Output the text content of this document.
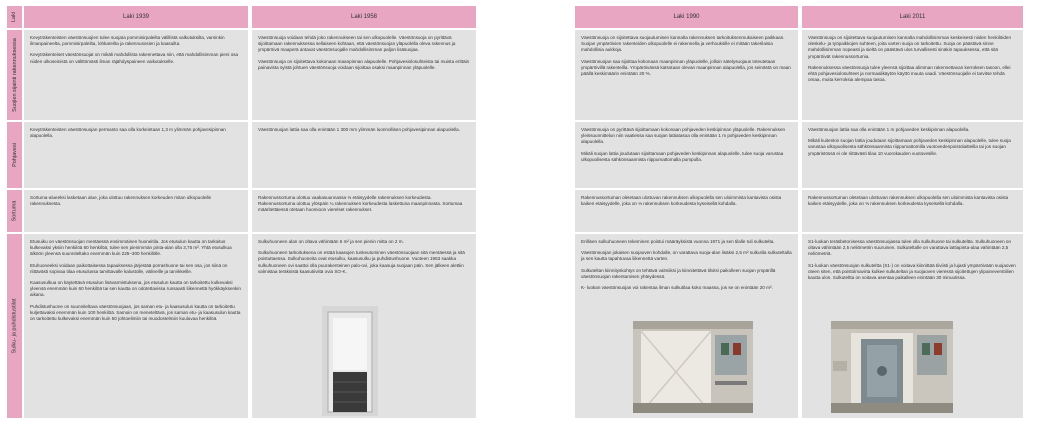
Laki
Suojien sijainti rakennuksessa
Pohjavesi
Sortuma
Sulku- ja puhdistustilat
Laki 1939

Kevyträkenteisten väestönsuojien tulee suojata pommisirpaleilta välillistä valkutuksilta, varsinkin ilmanpaineelta, pommisirpaleilta, lohkareilta ja rakennusosien ja kaasuilta.

Kevyträkenteiset väestönsuojat on mikäli mahdollista rakennettava niin, että mahdollisimman pieni osa niiden ulkoseinistä on välittömästi ilman räjähdyspaineen vaikutukselle.

Kevyträkenteisten väestönsuojan permanto saa olla korkeintaan 1,3 m ylimmän pohjavesipinnan alapuolella.

Sortuma-alueeksi lasketaan alue, joka ulottuu rakennuksen korkeuden mitan ulkopuolelle rakennuksesta.

Etusuiku on väestönsuojan mentäessä ensimmäinen huoneitila. Jos etusulun kautta on tarkoitus kulkevaksi yksiin henkilöä 60 henkilöä, tulee sen pienimmän pinta-alan olla 3,75 m². Yhtä etusulkua älköön yleensä suunniteltako enemmän kuin 225–300 henkilölle.

Etuhuoneeksi voidaan paikottaisessa tapauksessa järjestää porrashuone tai sen osa, jos siinä on riittävästi sopivaa tilaa etusulussa tarvittavalle kalustolle, välineille ja tarvikkeille.

Kaasusulkua on käytettävä etusulun lisävarmistuksena, jos etusulun kautta on tarkoitettu kulkevaksi yleensä enemmän kuin 60 henkilöä tai sen kautta on odotettavissa runsaasti liikennettä hyökkäyksenkin aikana.

Puhdistushuone on suunniteltava väestönsuojaan, jos saman etu- ja kaasusulun kautta on tarkoitettu kuljettavaksi enemmän kuin 100 henkilöä. Samoin on meneteltävä, jos saman etu- ja kaasusulun kautta on tarkoitettu kulkevaksi enemmän kuin 50 johtoelimiin tai muodostelmiin kuuluvaa henkilöä.

Laki 1958

Väestönsuoja voidaan tehdä joko rakennukseen tai sen ulkopuolelle. Väestönsuoja on pyrittävä sijoittamaan rakennuksessa sellaiseen kohtaan, että väestönsuojan yläpuolella oleva rakennus ja ympäröivä maaperä antavat väestönsuojalle mahdollisimman paljon lisäsuojaa.

Väestönsuoja on sijoitettava kokonaan maanpinnan alapuolelle. Pohjavesiolosuhteista tai muista erittäin painavista syistä johtuen väestönsuoja voidaan sijoittaa osaksi maanpinnan yläpuolelle.

Väestönsuojan lattia saa olla enintään 1 300 mm ylimmän luonnollisen pohjavesipinnan alapuolella.

Rakennussortuma ulottuu vaakasuunnassa ⅓ etäisyydelle rakennuksen korkeudesta. Rakennussortuma ulottuu ylöspäin ¼ rakennuksen korkeudesta laskettuna maanpinnasta. Sortumaa määritettäessä otetaan huomioon vierelset rakennukset.

Sulkuhuoneen alan on oltava vähintään 5 m² ja sen pienin mitta on 2 m.

Sulkuhuoneen tarkoituksena on estää kaasujen tunkeutuminen väestönsuojaan sitä mentäessä ja sitä poistuttaessa. Sulkuhuoneita ovat etusulku, kaasusulku ja puhdistushuone. Vuoteen 1963 saakka sulkuhuoneen ovi saattoi olla puurakenteinen palo-ovi, joka kaasuja suojaan päin. Sen jälkeen alettiin valmistaa teräksistä kaasutiiviitä ovia SO-K.

Laki 1990

Väestönsuoja on sijoitettava suojautumisen kannalta rakennuksen tarkoituksenmukaiseen paikkaan. Suojan ympäröivien rakenteiden ulkopuolelle ei rakennella ja verhouksille ei mitään takerilaisia mahdollisia aukkoja.

Väestönsuojan saa sijoittaa kokonaan maanpinnan yläpuolelle, jolloin sätelysuojaus toteutetaan ympäröivillä rakenteilla. Ympäröivässä katsotaan olevan maanpinnan alapuolella, jos seinästä on maan päällä keskimäärin enintään 20 %.

Väestönsuoja on pyrittävä sijoittamaan kokonaan pohjaveden keskipinnan yläpuolelle. Rakennuksen yleissuunnittelun niin vaatiessa saa suojan lattiatasoa olla enintään 1 m pohjaveden keskipinnan alapuolella.

Mikäli suojan lattia joudutaan sijoittamaan pohjaveden keskipinnan alapuolelle, tulee suoja varustaa ulkopuolisesta sähkönsaannista riippumattomalla pumpulla.

Rakennussortuman oletetaan ulottuvan rakennuksen ulkopuolella sen uloimmista kantavista osista kaiken etäisyydelle, joka on ⅓ rakennuksen korkeudesta kyseisellä kohdalla.

Erillisen sulkuhuoneen tekeminen poistui määräyksistä vuonna 1971 ja sen tilalle tuli sulkutelta.

Väestönsuojan jokaisen suojaoven kohdalle, on varattava suoja-alan lisäksi 2,5 m² sulkutila sulkuteltalla ja sen kautta tapahtuvaa liikennettä varten.

Sulkuteltan kiinnityskohtys on tehtävä valmiiksi ja kiinnitettävä tilvitsi paikolleen suojan ympärillä väestönsuojan rakentamisen yhteydessä.

K- luokan väestönsuojan voi rakentaa ilman sulkutilaa koko maassa, jos se on enintään 20 m².

Laki 2011

Väestönsuoja on sijoitettava suojautumisen kannalta mahdollisimman keskeisesti niiden henkilöiden oleskelu- ja työpaikkojen suhteen, joita varten suoja on tarkoitettu. Suoja on päästävä sinne mahdollisimman nopeasti ja sieltä on päästävä ulos turvallisesti sinäkin tapauksessa, että sitä ympäröivät rakennussortumia.

Rakennuksessa väestönsuoja tulee yleensä sijoittaa alimman rakennettavan kerroksen tasoon, ellei ehtä pohjavesiolosuhteet ja normaalikäytön käyttö muuta vaadi. Väestönsuojalle ei tarvitse tehdä omaa, muita kerroksia alempaa tasoa.

Väestönsuojan lattia saa olla enintään 1 m pohjaveden keskipinnan alapuolella.

Mikäli kuitenkin suojan lattia joudutaan sijoittamaan pohjaveden keskipinnan alapuolelle, tulee suoja varustaa ulkopuolisesta sähkönsaannista riippumattomilla vuotovedenpoistolaitteilla tai jos suojan ympäristössä ei ole riittävästi tilaa 10 vuorokauden vuotovesille.

Rakennussortuman oletetaan ulottuvan rakennuksen ulkopuolella sen uloimmista kantavista osista kaiken etäisyydelle, joka on ⅓ rakennuksen korkeudesta kyseisellä kohdalla.

S1-luokan teräsbetonisessa väestönsuojassa tulee olla sulkuhuone tai sulkuteltta. Sulkuhuoneen on oltava vähintään 2,5 neliömetrin suuruinen. Sulkuteltalle on varattava lattiapinta-alaa vähintään 2,5 neliömetriä.

S1-luokan väestönsuojan sulkuteltta (S1-) on voitava kiinnittää tiiviisti ja lujasti ympäröivään suojaoven oteen siten, että poistolmavirta kulkee sulkuteltan ja suojaoven vieressä sijoitettujen ylipaineventtiilien kautta ulos. Sulkuteltta on voitava asentaa paikalleen enintään 30 minuutissa.
